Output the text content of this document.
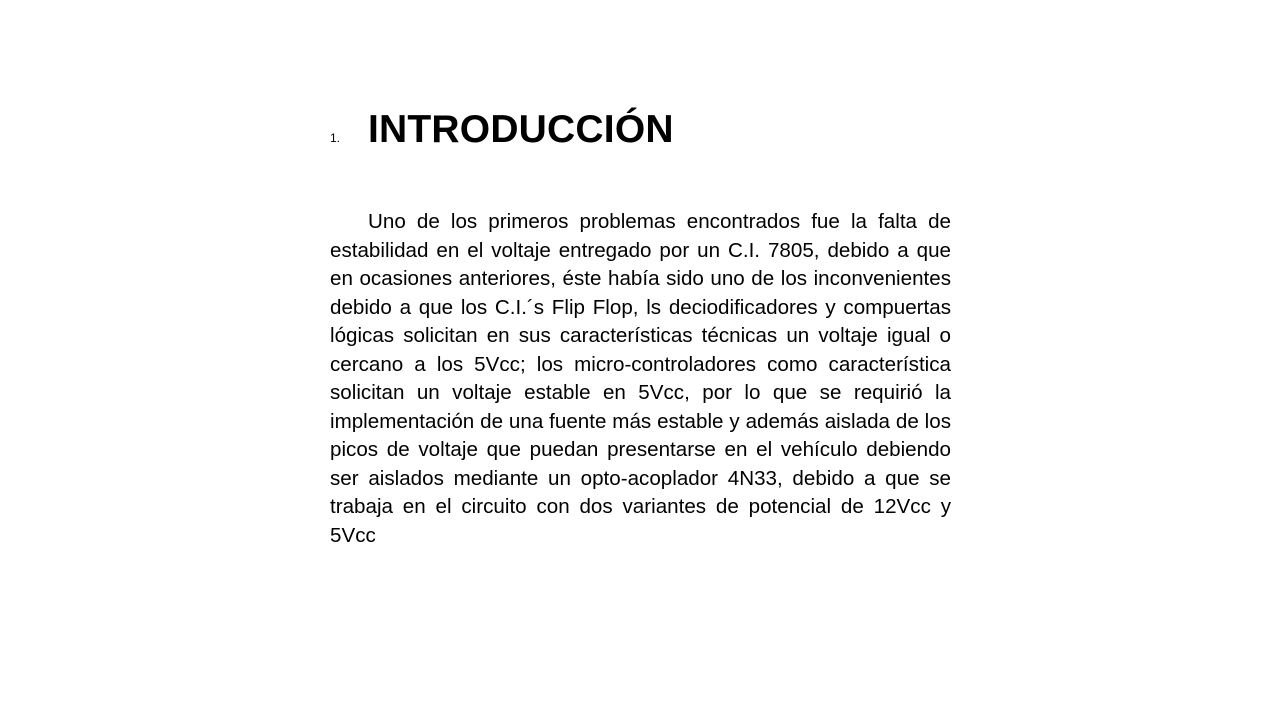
1. INTRODUCCIÓN

Uno de los primeros problemas encontrados fue la falta de estabilidad en el voltaje entregado por un C.I. 7805, debido a que en ocasiones anteriores, éste había sido uno de los inconvenientes debido a que los C.I.´s Flip Flop, ls deciodificadores y compuertas lógicas solicitan en sus características técnicas un voltaje igual o cercano a los 5Vcc; los micro-controladores como característica solicitan un voltaje estable en 5Vcc, por lo que se requirió la implementación de una fuente más estable y además aislada de los picos de voltaje que puedan presentarse en el vehículo debiendo ser aislados mediante un opto-acoplador 4N33, debido a que se trabaja en el circuito con dos variantes de potencial de 12Vcc y 5Vcc
